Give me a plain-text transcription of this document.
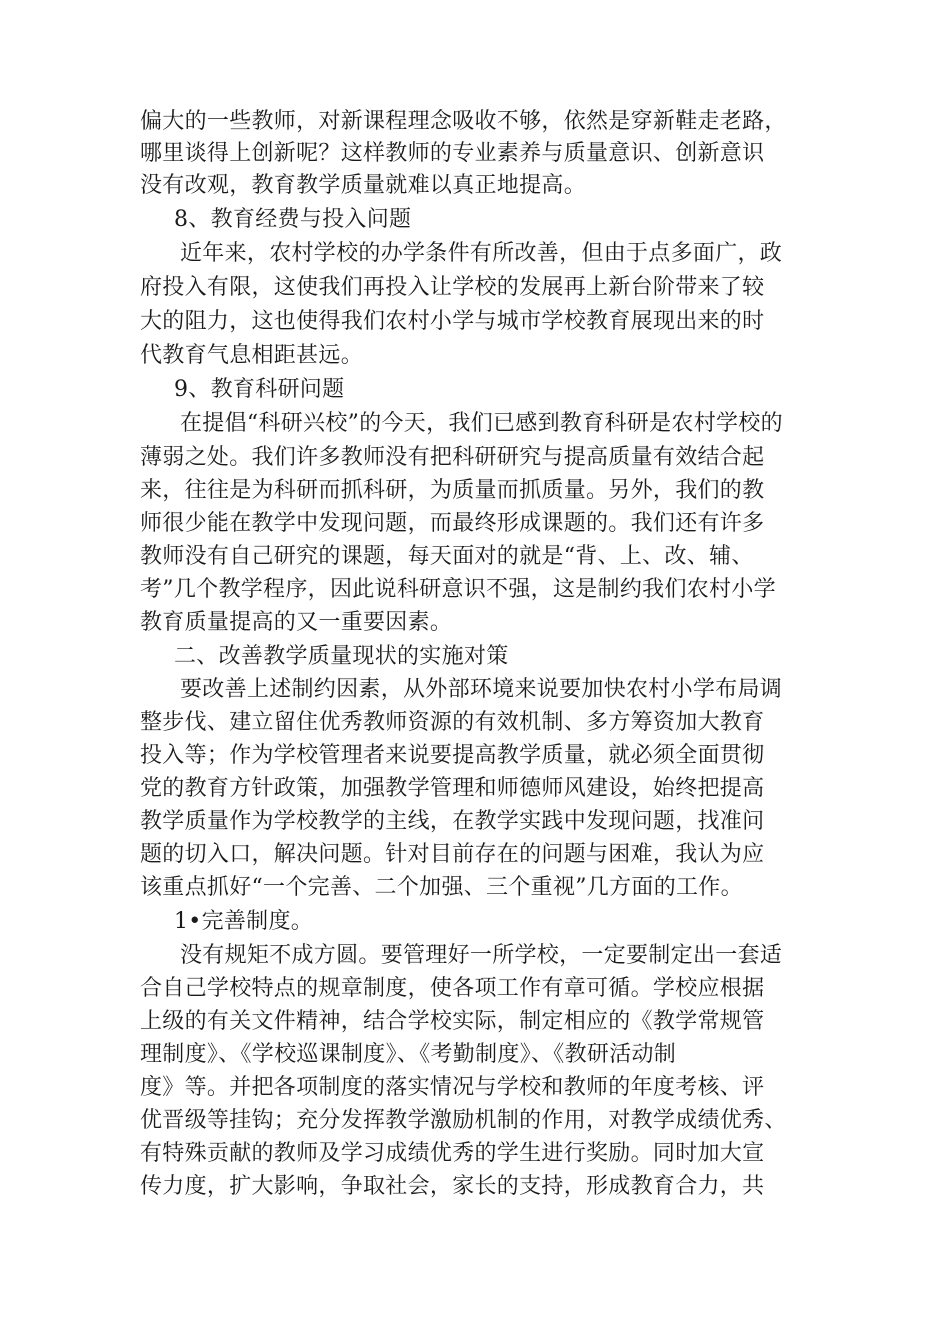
偏大的一些教师，对新课程理念吸收不够，依然是穿新鞋走老路，
哪里谈得上创新呢？这样教师的专业素养与质量意识、创新意识
没有改观，教育教学质量就难以真正地提高。
8、教育经费与投入问题
近年来，农村学校的办学条件有所改善，但由于点多面广，政
府投入有限，这使我们再投入让学校的发展再上新台阶带来了较
大的阻力，这也使得我们农村小学与城市学校教育展现出来的时
代教育气息相距甚远。
9、教育科研问题
在提倡“科研兴校”的今天，我们已感到教育科研是农村学校的
薄弱之处。我们许多教师没有把科研研究与提高质量有效结合起
来，往往是为科研而抓科研，为质量而抓质量。另外，我们的教
师很少能在教学中发现问题，而最终形成课题的。我们还有许多
教师没有自己研究的课题，每天面对的就是“背、上、改、辅、
考”几个教学程序，因此说科研意识不强，这是制约我们农村小学
教育质量提高的又一重要因素。
二、改善教学质量现状的实施对策
要改善上述制约因素，从外部环境来说要加快农村小学布局调
整步伐、建立留住优秀教师资源的有效机制、多方筹资加大教育
投入等；作为学校管理者来说要提高教学质量，就必须全面贯彻
党的教育方针政策，加强教学管理和师德师风建设，始终把提高
教学质量作为学校教学的主线，在教学实践中发现问题，找准问
题的切入口，解决问题。针对目前存在的问题与困难，我认为应
该重点抓好“一个完善、二个加强、三个重视”几方面的工作。
1•完善制度。
没有规矩不成方圆。要管理好一所学校，一定要制定出一套适
合自己学校特点的规章制度，使各项工作有章可循。学校应根据
上级的有关文件精神，结合学校实际，制定相应的《教学常规管
理制度》、《学校巡课制度》、《考勤制度》、《教研活动制
度》等。并把各项制度的落实情况与学校和教师的年度考核、评
优晋级等挂钩；充分发挥教学激励机制的作用，对教学成绩优秀、
有特殊贡献的教师及学习成绩优秀的学生进行奖励。同时加大宣
传力度，扩大影响，争取社会，家长的支持，形成教育合力，共
